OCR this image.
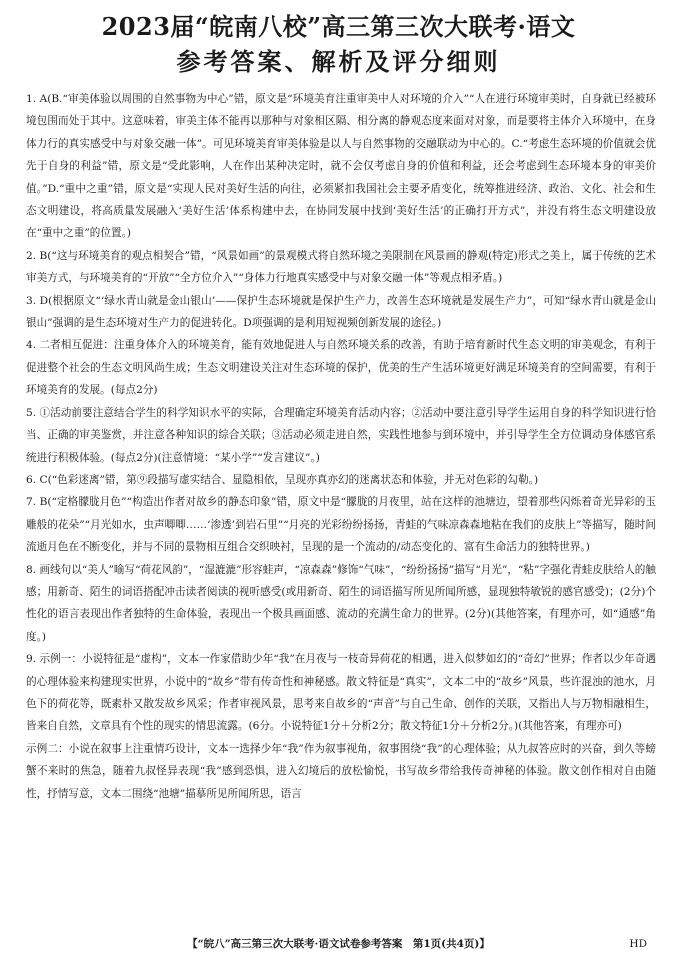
2023届“皖南八校”高三第三次大联考·语文
参考答案、解析及评分细则

1. A(B.“审美体验以周围的自然事物为中心”错，原文是“环境美育注重审美中人对环境的介入”“人在进行环境审美时，自身就已经被环境包围而处于其中。这意味着，审美主体不能再以那种与对象相区隔、相分离的静观态度来面对对象，而是要将主体介入环境中，在身体力行的真实感受中与对象交融一体”。可见环境美育审美体验是以人与自然事物的交融联动为中心的。C.“考虑生态环境的价值就会优先于自身的利益”错，原文是“受此影响，人在作出某种决定时，就不会仅考虑自身的价值和利益，还会考虑到生态环境本身的审美价值。”D.“重中之重”错，原文是“实现人民对美好生活的向往，必须紧扣我国社会主要矛盾变化，统筹推进经济、政治、文化、社会和生态文明建设，将高质量发展融入‘美好生活’体系构建中去，在协同发展中找到‘美好生活’的正确打开方式”，并没有将生态文明建设放在“重中之重”的位置。)

2. B(“这与环境美育的观点相契合”错，“风景如画”的景观模式将自然环境之美限制在风景画的静观(特定)形式之美上，属于传统的艺术审美方式，与环境美育的“开放”“全方位介入”“身体力行地真实感受中与对象交融一体”等观点相矛盾。)

3. D(根据原文“‘绿水青山就是金山银山’——保护生态环境就是保护生产力，改善生态环境就是发展生产力”，可知“绿水青山就是金山银山”强调的是生态环境对生产力的促进转化。D项强调的是利用短视频创新发展的途径。)

4. 二者相互促进：注重身体介入的环境美育，能有效地促进人与自然环境关系的改善，有助于培育新时代生态文明的审美观念，有利于促进整个社会的生态文明风尚生成；生态文明建设关注对生态环境的保护，优美的生产生活环境更好满足环境美育的空间需要，有利于环境美育的发展。(每点2分)

5. ①活动前要注意结合学生的科学知识水平的实际，合理确定环境美育活动内容；②活动中要注意引导学生运用自身的科学知识进行恰当、正确的审美鉴赏，并注意各种知识的综合关联；③活动必须走进自然，实践性地参与到环境中，并引导学生全方位调动身体感官系统进行积极体验。(每点2分)(注意情境：“某小学”“发言建议”。)

6. C(“色彩迷离”错，第⑨段描写虚实结合、显隐相依，呈现亦真亦幻的迷离状态和体验，并无对色彩的勾勒。)

7. B(“定格朦胧月色”“构造出作者对故乡的静态印象”错，原文中是“朦胧的月夜里，站在这样的池塘边，望着那些闪烁着奇光异彩的玉雕般的花朵”“月光如水，虫声唧唧……‘渗透’到岩石里”“月亮的光彩纷纷扬扬，青蛙的气味凉森森地粘在我们的皮肤上”等描写，随时间流逝月色在不断变化，并与不同的景物相互组合交织映衬，呈现的是一个流动的/动态变化的、富有生命活力的独特世界。)

8. 画线句以“美人”喻写“荷花风韵”，“湿漉漉”形容蛙声，“凉森森”修饰“气味”，“纷纷扬扬”描写“月光”，“粘”字强化青蛙皮肤给人的触感；用新奇、陌生的词语搭配冲击读者阅读的视听感受(或用新奇、陌生的词语描写所见所闻所感，显现独特敏锐的感官感受)；(2分)个性化的语言表现出作者独特的生命体验，表现出一个极具画面感、流动的充满生命力的世界。(2分)(其他答案，有理亦可，如“通感”角度。)

9. 示例一：小说特征是“虚构”，文本一作家借助少年“我”在月夜与一枝奇异荷花的相遇，进入似梦如幻的“奇幻”世界；作者以少年奇遇的心理体验来构建现实世界，小说中的“故乡”带有传奇性和神秘感。散文特征是“真实”，文本二中的“故乡”风景，些许混浊的池水，月色下的荷花等，既素朴又散发故乡风采；作者审视风景，思考来自故乡的“声音”与自己生命、创作的关联，又指出人与万物相融相生，皆来自自然，文章具有个性的现实的情思流露。(6分。小说特征1分＋分析2分；散文特征1分＋分析2分。)(其他答案，有理亦可)

示例二：小说在叙事上注重情巧设计，文本一选择少年“我”作为叙事视角，叙事围绕“我”的心理体验；从九叔答应时的兴奋，到久等螃蟹不来时的焦急，随着九叔怪异表现“我”感到恐惧，进入幻境后的放松愉悦，书写故乡带给我传奇神秘的体验。散文创作相对自由随性，抒情写意，文本二围绕“池塘”描摹所见所闻所思，语言

【“皖八”高三第三次大联考·语文试卷参考答案　第1页(共4页)】	HD
